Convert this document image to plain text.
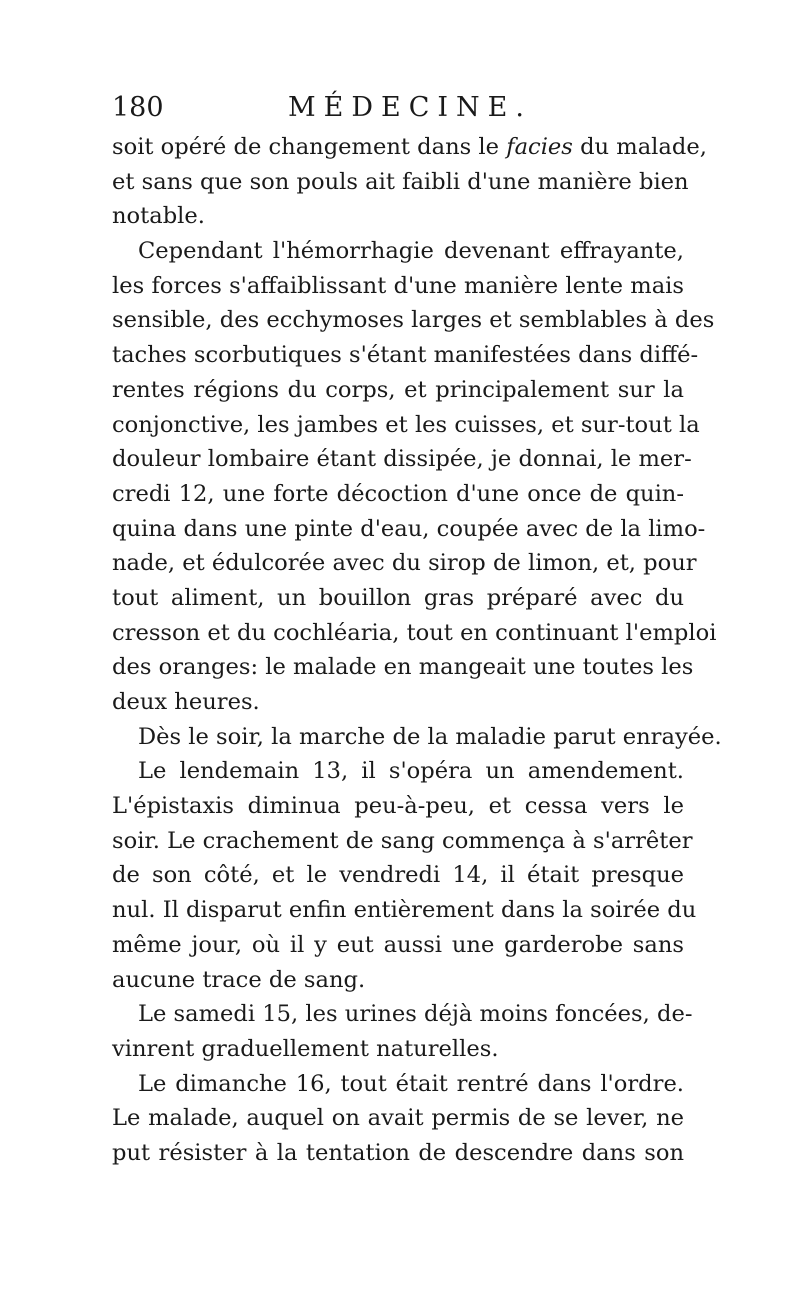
180	MÉDECINE.
soit opéré de changement dans le facies du malade,
et sans que son pouls ait faibli d'une manière bien
notable.
Cependant l'hémorrhagie devenant effrayante,
les forces s'affaiblissant d'une manière lente mais
sensible, des ecchymoses larges et semblables à des
taches scorbutiques s'étant manifestées dans diffé-
rentes régions du corps, et principalement sur la
conjonctive, les jambes et les cuisses, et sur-tout la
douleur lombaire étant dissipée, je donnai, le mer-
credi 12, une forte décoction d'une once de quin-
quina dans une pinte d'eau, coupée avec de la limo-
nade, et édulcorée avec du sirop de limon, et, pour
tout aliment, un bouillon gras préparé avec du
cresson et du cochléaria, tout en continuant l'emploi
des oranges: le malade en mangeait une toutes les
deux heures.
Dès le soir, la marche de la maladie parut enrayée.
Le lendemain 13, il s'opéra un amendement.
L'épistaxis diminua peu-à-peu, et cessa vers le
soir. Le crachement de sang commença à s'arrêter
de son côté, et le vendredi 14, il était presque
nul. Il disparut enfin entièrement dans la soirée du
même jour, où il y eut aussi une garderobe sans
aucune trace de sang.
Le samedi 15, les urines déjà moins foncées, de-
vinrent graduellement naturelles.
Le dimanche 16, tout était rentré dans l'ordre.
Le malade, auquel on avait permis de se lever, ne
put résister à la tentation de descendre dans son
